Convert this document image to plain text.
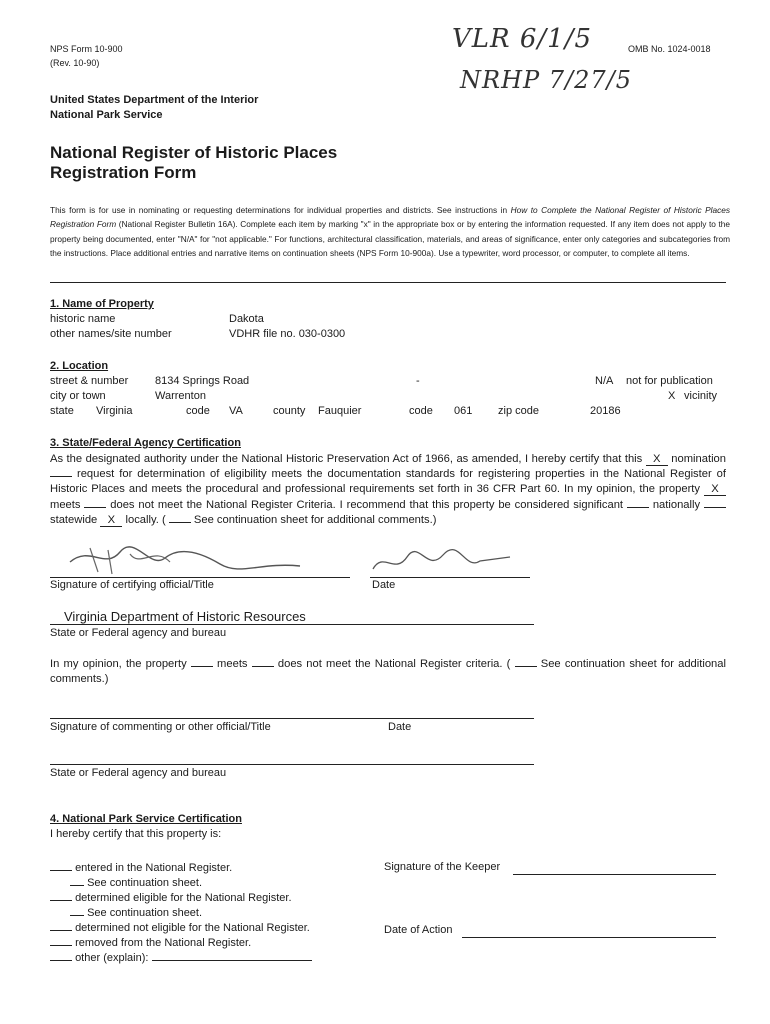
NPS Form 10-900
(Rev. 10-90)
OMB No. 1024-0018
VLR 6/1/5
NRHP 7/27/5
United States Department of the Interior
National Park Service
National Register of Historic Places
Registration Form
This form is for use in nominating or requesting determinations for individual properties and districts. See instructions in How to Complete the National Register of Historic Places Registration Form (National Register Bulletin 16A). Complete each item by marking "x" in the appropriate box or by entering the information requested. If any item does not apply to the property being documented, enter "N/A" for "not applicable." For functions, architectural classification, materials, and areas of significance, enter only categories and subcategories from the instructions. Place additional entries and narrative items on continuation sheets (NPS Form 10-900a). Use a typewriter, word processor, or computer, to complete all items.
1. Name of Property
historic name	Dakota
other names/site number	VDHR file no. 030-0300
2. Location
street & number 8134 Springs Road	-	N/A not for publication
city or town	Warrenton	X vicinity
state Virginia	code VA	county Fauquier	code 061 zip code	20186
3. State/Federal Agency Certification
As the designated authority under the National Historic Preservation Act of 1966, as amended, I hereby certify that this X nomination  request for determination of eligibility meets the documentation standards for registering properties in the National Register of Historic Places and meets the procedural and professional requirements set forth in 36 CFR Part 60. In my opinion, the property X meets  does not meet the National Register Criteria. I recommend that this property be considered significant  nationally  statewide X locally. (  See continuation sheet for additional comments.)
Signature of certifying official/Title	Date
Virginia Department of Historic Resources
State or Federal agency and bureau
In my opinion, the property  meets  does not meet the National Register criteria. (  See continuation sheet for additional comments.)
Signature of commenting or other official/Title	Date
State or Federal agency and bureau
4. National Park Service Certification
I hereby certify that this property is:
entered in the National Register.
See continuation sheet.
determined eligible for the National Register.
See continuation sheet.
determined not eligible for the National Register.
removed from the National Register.
other (explain):
Signature of the Keeper
Date of Action
